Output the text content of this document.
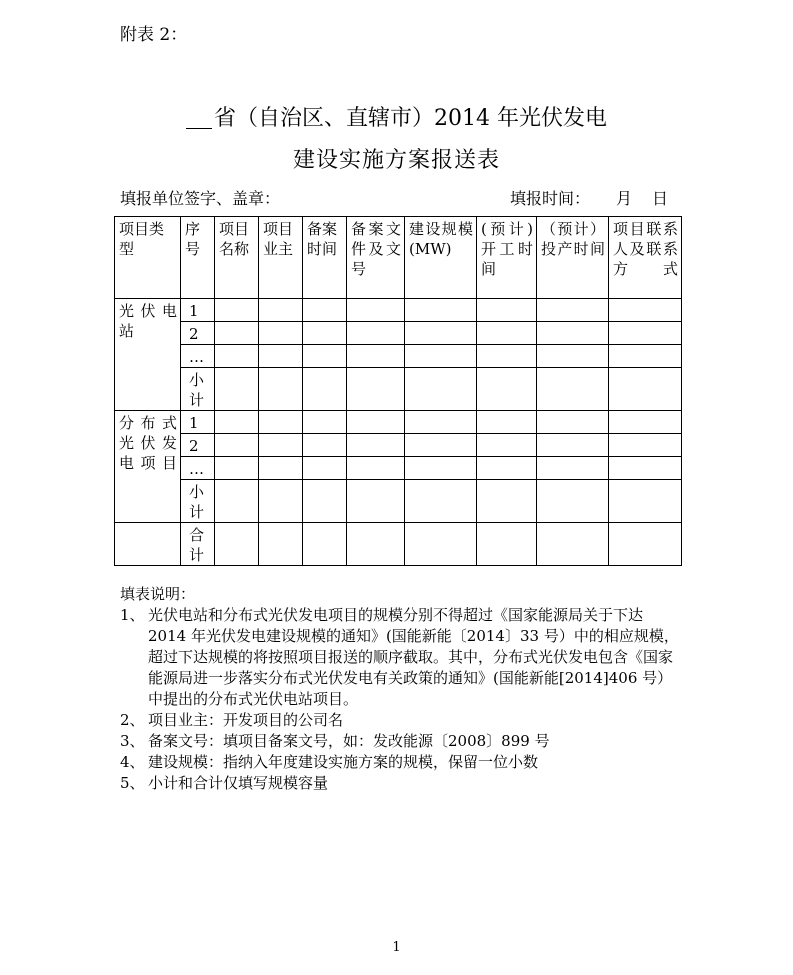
附表 2：
省（自治区、直辖市）2014 年光伏发电
建设实施方案报送表
填报单位签字、盖章：	填报时间： 月 日
项目类型	序号	项目名称	项目业主	备案时间	备案文件及文号	建设规模(MW)	(预计)开工时间	（预计）投产时间	项目联系人及联系方式
光伏电站	1								
	2								
	…								
	小计								
分布式光伏发电项目	1								
	2								
	…								
	小计								
	合计								
填表说明：
1、 光伏电站和分布式光伏发电项目的规模分别不得超过《国家能源局关于下达2014 年光伏发电建设规模的通知》(国能新能〔2014〕33 号）中的相应规模，超过下达规模的将按照项目报送的顺序截取。其中，分布式光伏发电包含《国家能源局进一步落实分布式光伏发电有关政策的通知》(国能新能[2014]406 号）中提出的分布式光伏电站项目。
2、 项目业主：开发项目的公司名
3、 备案文号：填项目备案文号，如：发改能源〔2008〕899 号
4、 建设规模：指纳入年度建设实施方案的规模，保留一位小数
5、 小计和合计仅填写规模容量
1
